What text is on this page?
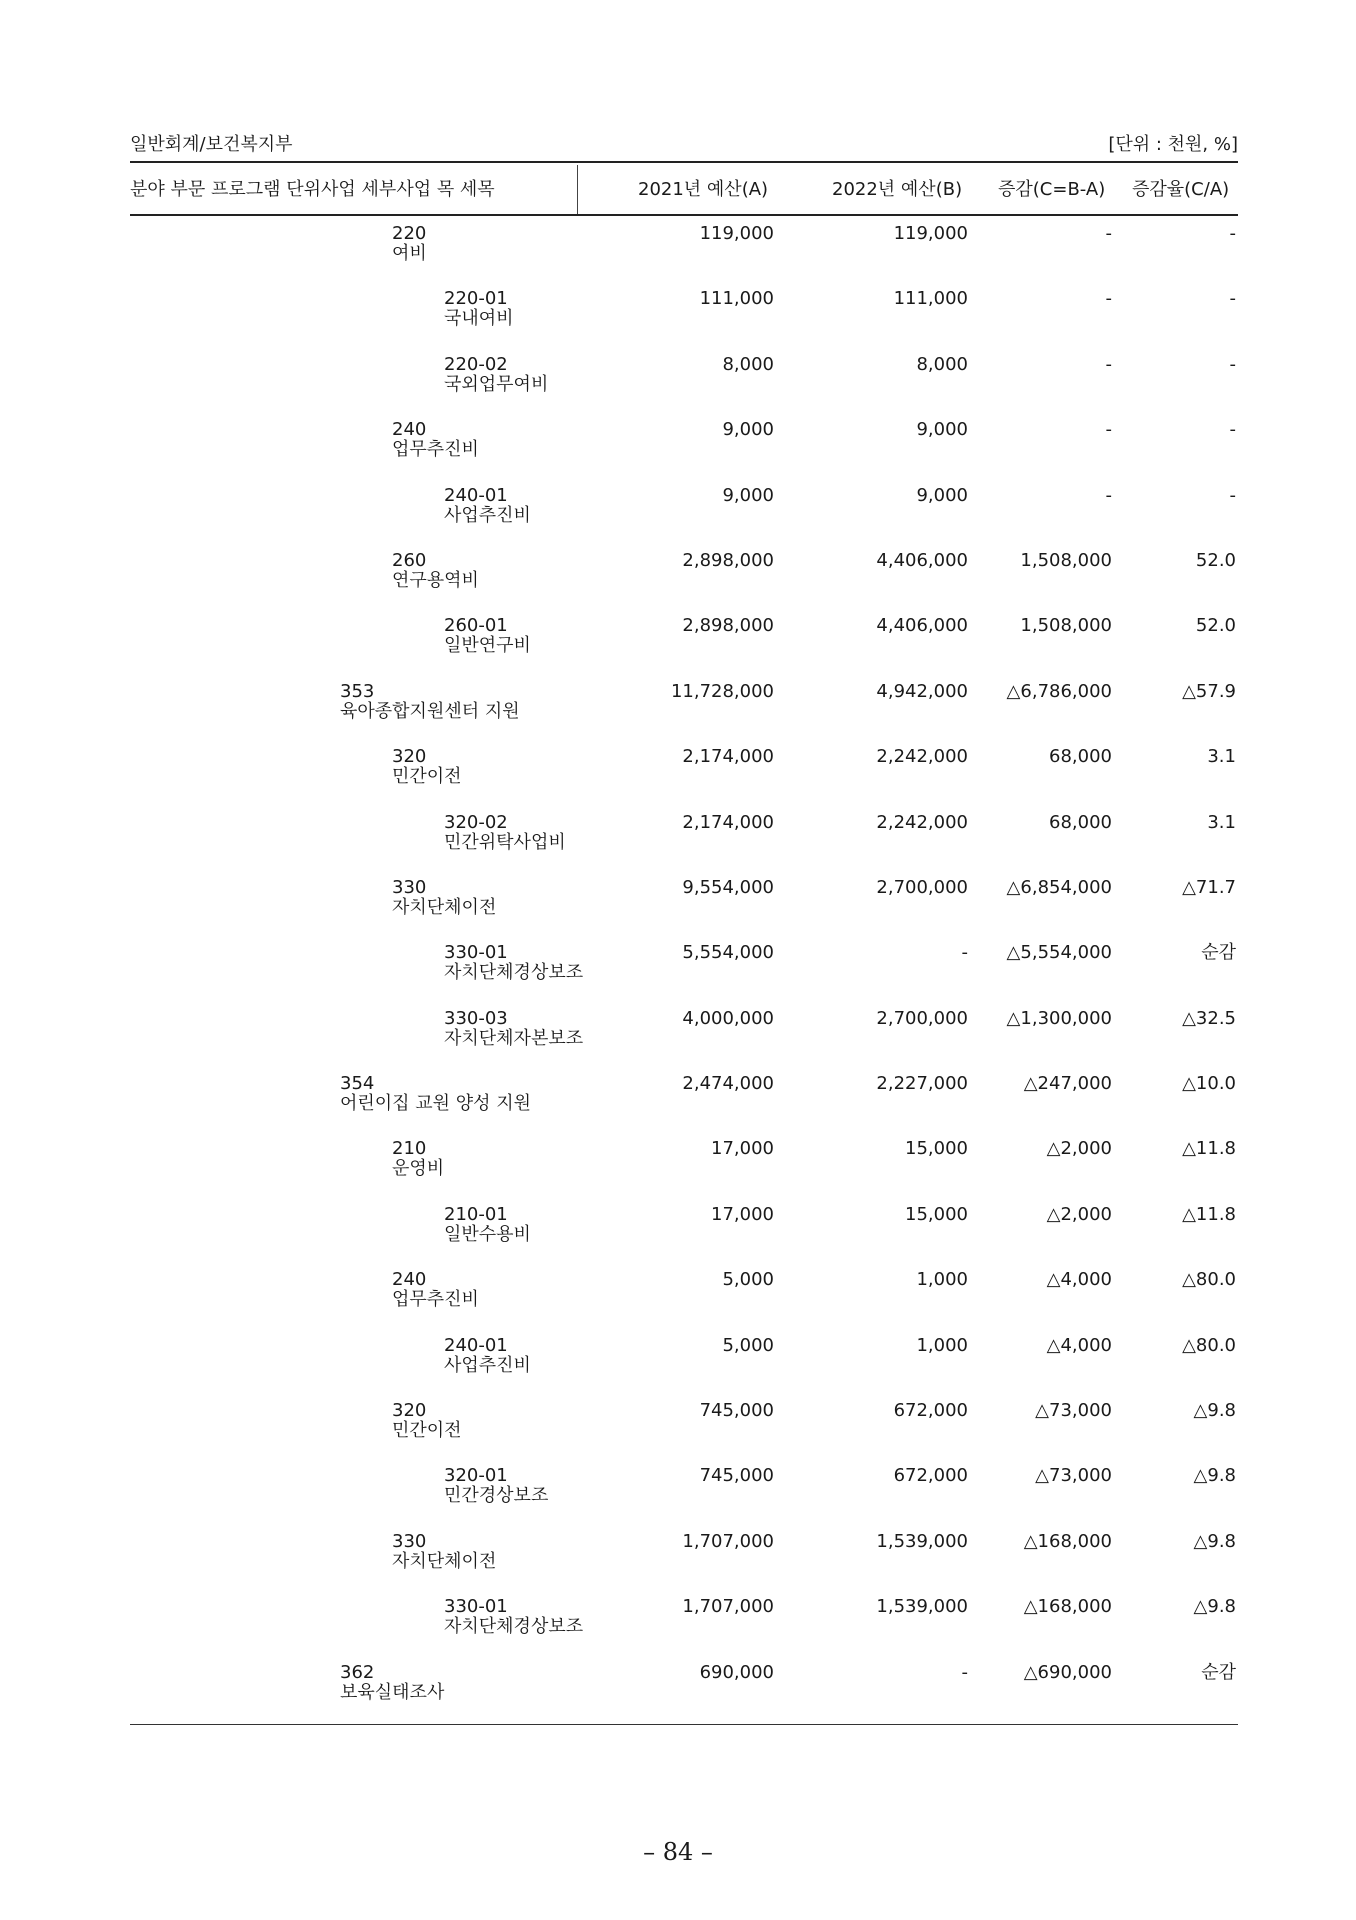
일반회계/보건복지부	[단위 : 천원, %]
분야 부문 프로그램 단위사업 세부사업 목 세목	2021년 예산(A)	2022년 예산(B) 증감(C=B-A) 증감율(C/A)
220
여비
119,000	119,000	-	-
220-01
국내여비
111,000	111,000	-	-
220-02
국외업무여비
8,000	8,000	-	-
240
업무추진비
9,000	9,000	-	-
240-01
사업추진비
9,000	9,000	-	-
260
연구용역비
2,898,000	4,406,000	1,508,000	52.0
260-01
일반연구비
2,898,000	4,406,000	1,508,000	52.0
353
육아종합지원센터 지원
11,728,000	4,942,000 △6,786,000	△57.9
320
민간이전
2,174,000	2,242,000	68,000	3.1
320-02
민간위탁사업비
2,174,000	2,242,000	68,000	3.1
330
자치단체이전
9,554,000	2,700,000 △6,854,000	△71.7
330-01
자치단체경상보조
5,554,000	- △5,554,000	순감
330-03
자치단체자본보조
4,000,000	2,700,000 △1,300,000	△32.5
354
어린이집 교원 양성 지원
2,474,000	2,227,000	△247,000	△10.0
210
운영비
17,000	15,000	△2,000	△11.8
210-01
일반수용비
17,000	15,000	△2,000	△11.8
240
업무추진비
5,000	1,000	△4,000	△80.0
240-01
사업추진비
5,000	1,000	△4,000	△80.0
320
민간이전
745,000	672,000	△73,000	△9.8
320-01
민간경상보조
745,000	672,000	△73,000	△9.8
330
자치단체이전
1,707,000	1,539,000	△168,000	△9.8
330-01
자치단체경상보조
1,707,000	1,539,000	△168,000	△9.8
362
보육실태조사
690,000	-	△690,000	순감
– 84 –
